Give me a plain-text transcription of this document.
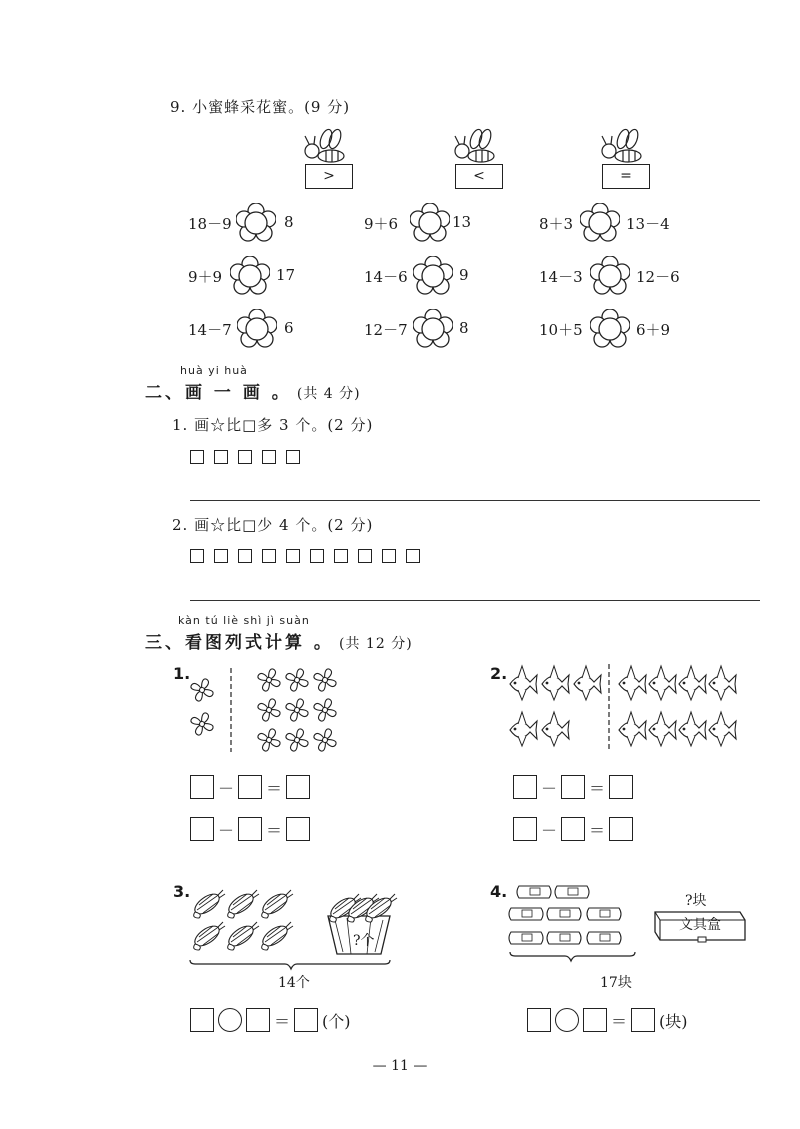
9. 小蜜蜂采花蜜。(9 分)
>	<	=
18－9	8	9＋6	13	8＋3	13－4
9＋9	17	14－6	9	14－3	12－6
14－7	6	12－7	8	10＋5	6＋9
huà yi huà
二、画 一 画 。 (共 4 分)
1. 画☆比□多 3 个。(2 分)
2. 画☆比□少 4 个。(2 分)
kàn tú liè shì jì suàn
三、看图列式计算 。 (共 12 分)
1.
－ ＝
－ ＝
2.
－ ＝
－ ＝
3.
?个
14个
＝ (个)
4.	?块
文具盒
17块
＝ (块)
— 11 —
